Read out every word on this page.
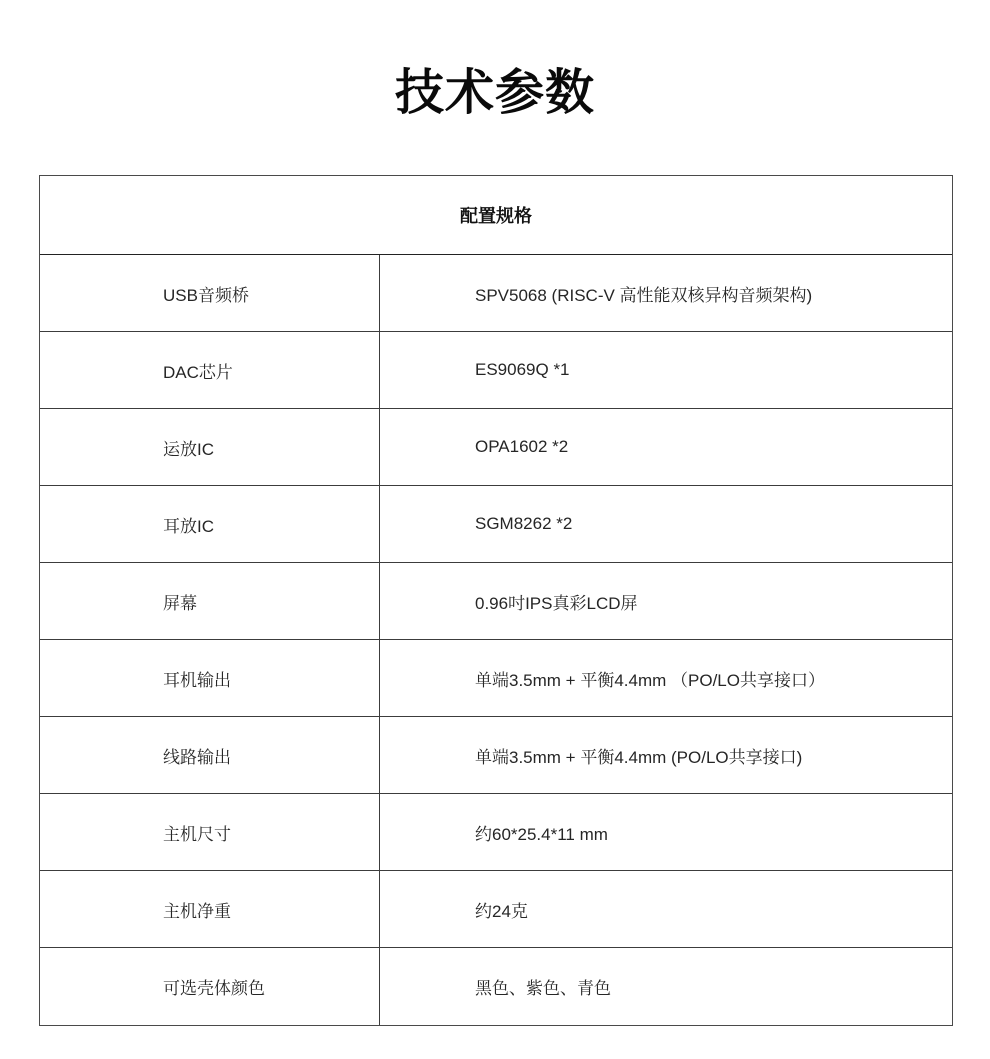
技术参数
配置规格
USB音频桥	SPV5068 (RISC-V 高性能双核异构音频架构)
DAC芯片	ES9069Q *1
运放IC	OPA1602 *2
耳放IC	SGM8262 *2
屏幕	0.96吋IPS真彩LCD屏
耳机输出	单端3.5mm + 平衡4.4mm （PO/LO共享接口）
线路输出	单端3.5mm + 平衡4.4mm (PO/LO共享接口)
主机尺寸	约60*25.4*11 mm
主机净重	约24克
可选壳体颜色	黑色、紫色、青色
